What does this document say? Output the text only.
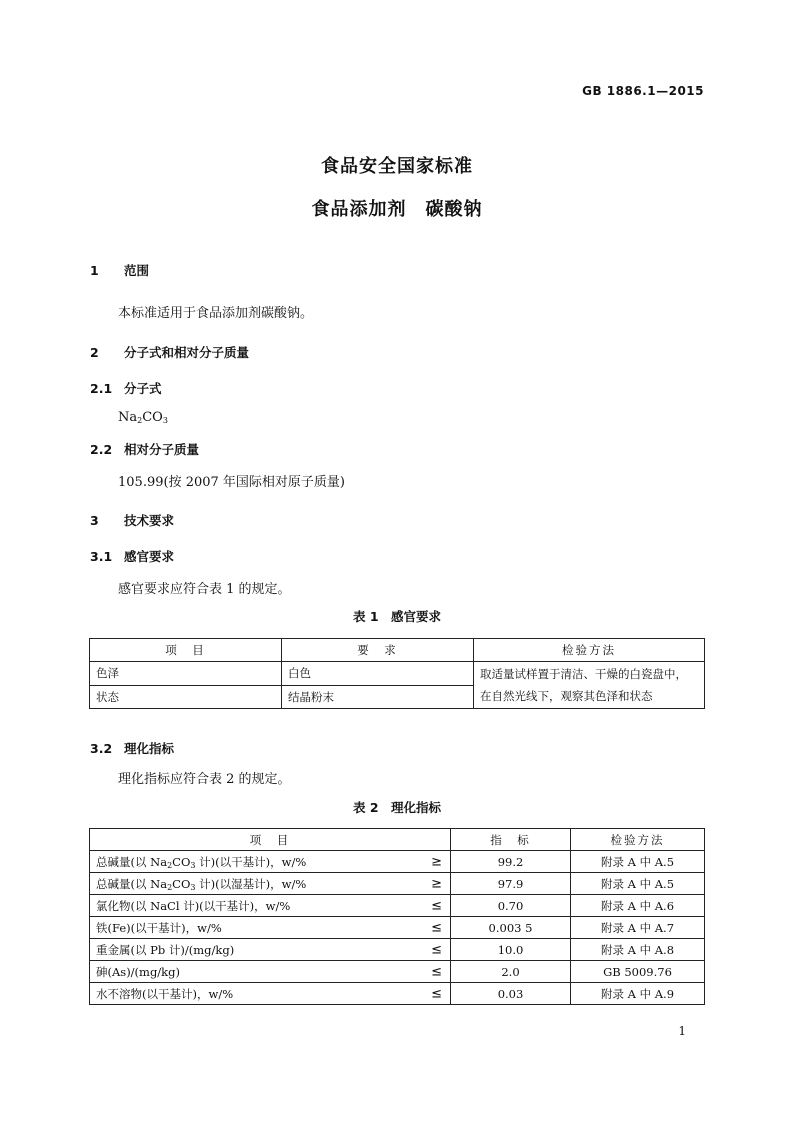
GB 1886.1—2015
食品安全国家标准
食品添加剂　碳酸钠
1 范围
本标准适用于食品添加剂碳酸钠。
2 分子式和相对分子质量
2.1 分子式
$Na_2CO_3$
2.2 相对分子质量
105.99(按 2007 年国际相对原子质量)
3 技术要求
3.1 感官要求
感官要求应符合表 1 的规定。
表 1　感官要求
项　目	要　求	检验方法
色泽	白色	取适量试样置于清洁、干燥的白瓷盘中，在自然光线下，观察其色泽和状态
状态	结晶粉末	
3.2 理化指标
理化指标应符合表 2 的规定。
表 2　理化指标
项　目	指　标	检验方法
总碱量(以 $Na_2CO_3$ 计)(以干基计)，w/% ≥	99.2	附录 A 中 A.5
总碱量(以 $Na_2CO_3$ 计)(以湿基计)，w/% ≥	97.9	附录 A 中 A.5
氯化物(以 NaCl 计)(以干基计)，w/% ≤	0.70	附录 A 中 A.6
铁(Fe)(以干基计)，w/% ≤	0.003 5	附录 A 中 A.7
重金属(以 Pb 计)/(mg/kg) ≤	10.0	附录 A 中 A.8
砷(As)/(mg/kg) ≤	2.0	GB 5009.76
水不溶物(以干基计)，w/% ≤	0.03	附录 A 中 A.9
1
